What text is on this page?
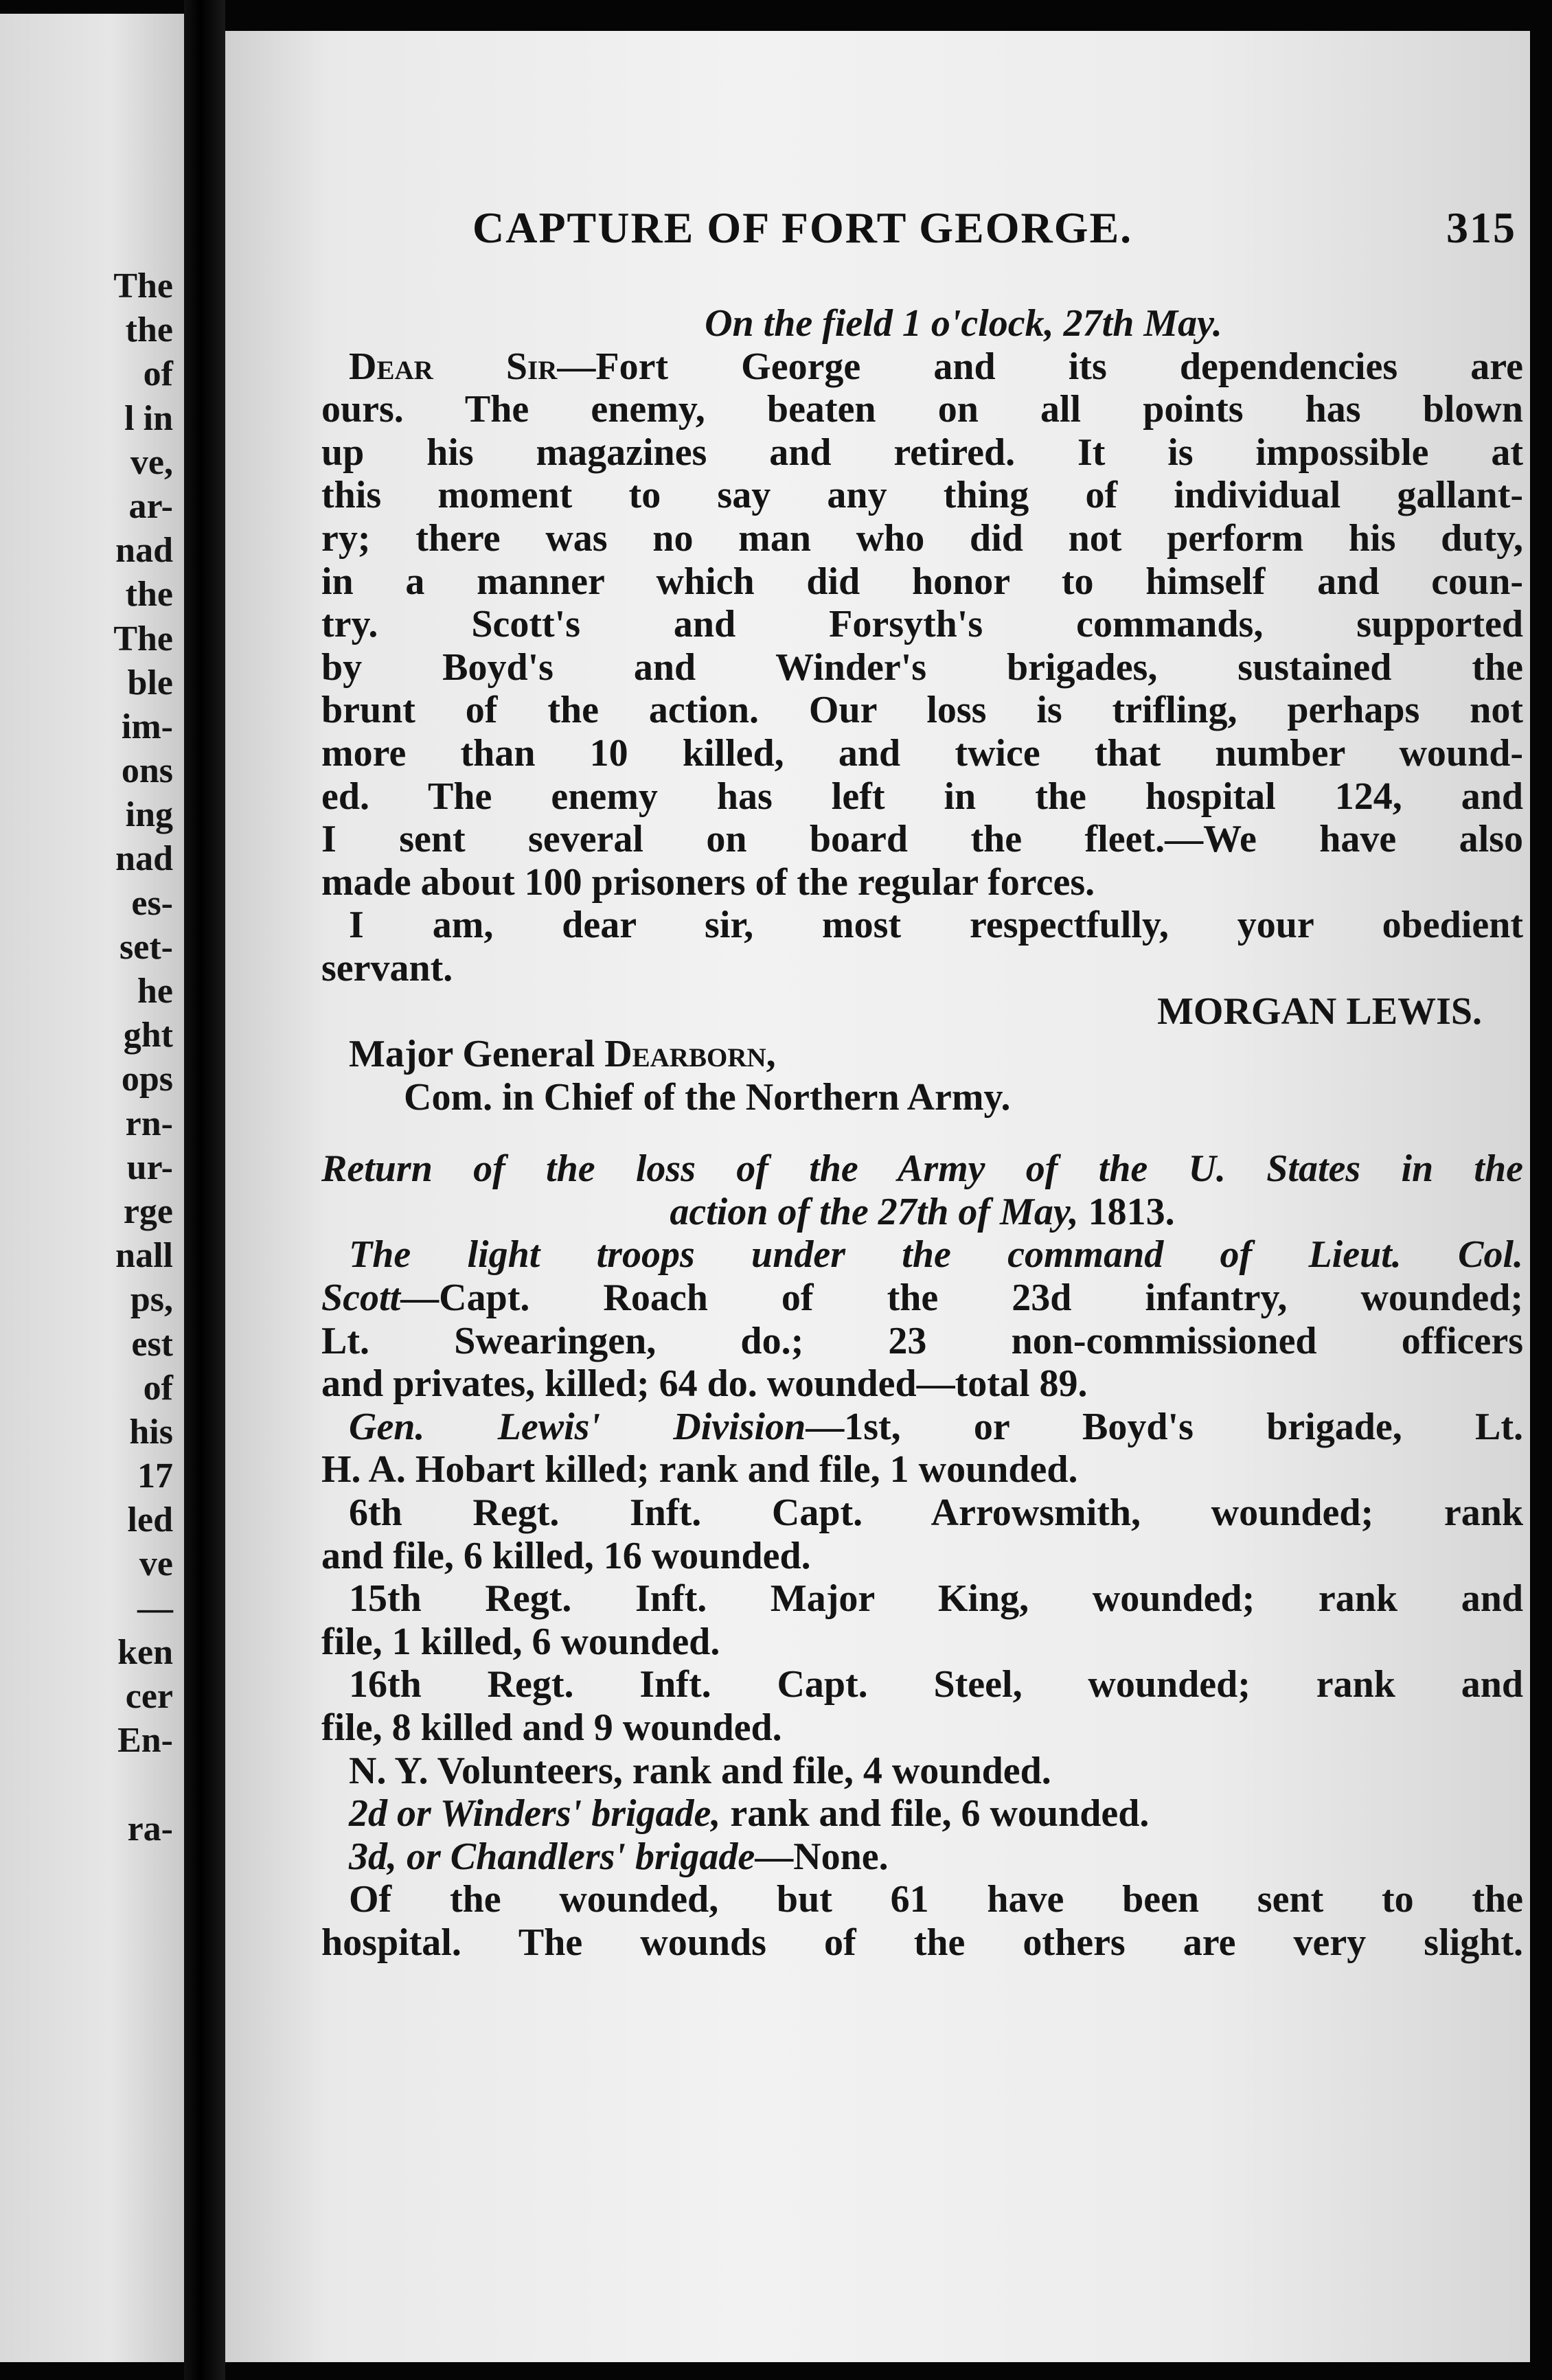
The
the
of
l in
ve,
ar-
nad
the
The
ble
im-
ons
ing
nad
es-
set-
he
ght
ops
rn-
ur-
rge
nall
ps,
est
of
his
17
led
ve
—
ken
cer
En-
ra-
CAPTURE OF FORT GEORGE.	315
On the field 1 o'clock, 27th May.
Dear Sir—Fort George and its dependencies are
ours. The enemy, beaten on all points has blown
up his magazines and retired. It is impossible at
this moment to say any thing of individual gallant-
ry; there was no man who did not perform his duty,
in a manner which did honor to himself and coun-
try. Scott's and Forsyth's commands, supported
by Boyd's and Winder's brigades, sustained the
brunt of the action. Our loss is trifling, perhaps not
more than 10 killed, and twice that number wound-
ed. The enemy has left in the hospital 124, and
I sent several on board the fleet.—We have also
made about 100 prisoners of the regular forces.
I am, dear sir, most respectfully, your obedient
servant.
MORGAN LEWIS.
Major General Dearborn,
Com. in Chief of the Northern Army.
Return of the loss of the Army of the U. States in the
action of the 27th of May, 1813.
The light troops under the command of Lieut. Col.
Scott—Capt. Roach of the 23d infantry, wounded;
Lt. Swearingen, do.; 23 non-commissioned officers
and privates, killed; 64 do. wounded—total 89.
Gen. Lewis' Division—1st, or Boyd's brigade, Lt.
H. A. Hobart killed; rank and file, 1 wounded.
6th Regt. Inft. Capt. Arrowsmith, wounded; rank
and file, 6 killed, 16 wounded.
15th Regt. Inft. Major King, wounded; rank and
file, 1 killed, 6 wounded.
16th Regt. Inft. Capt. Steel, wounded; rank and
file, 8 killed and 9 wounded.
N. Y. Volunteers, rank and file, 4 wounded.
2d or Winders' brigade, rank and file, 6 wounded.
3d, or Chandlers' brigade—None.
Of the wounded, but 61 have been sent to the
hospital. The wounds of the others are very slight.
